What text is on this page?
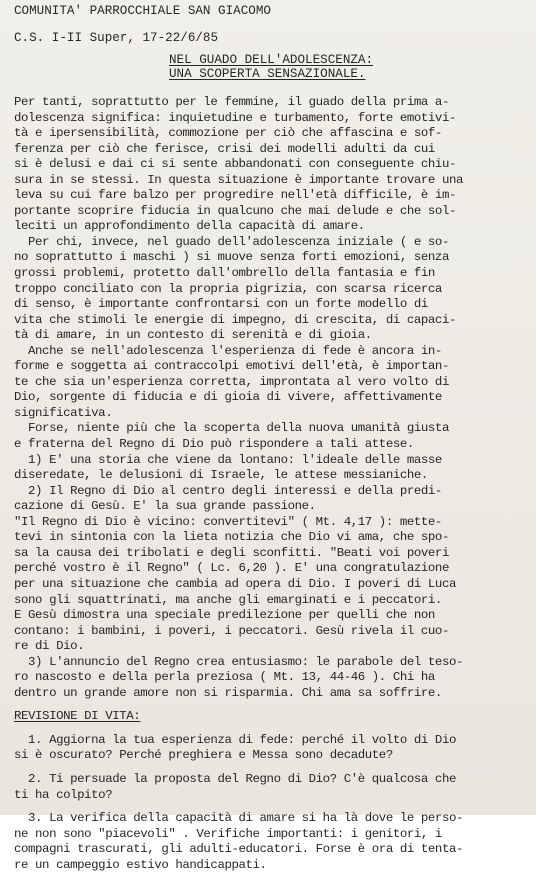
COMUNITA' PARROCCHIALE SAN GIACOMO
C.S. I-II Super, 17-22/6/85
NEL GUADO DELL'ADOLESCENZA:
UNA SCOPERTA SENSAZIONALE.
Per tanti, soprattutto per le femmine, il guado della prima a-
dolescenza significa: inquietudine e turbamento, forte emotivi-
tà e ipersensibilità, commozione per ciò che affascina e sof-
ferenza per ciò che ferisce, crisi dei modelli adulti da cui
si è delusi e dai ci si sente abbandonati con conseguente chiu-
sura in se stessi. In questa situazione è importante trovare una
leva su cui fare balzo per progredire nell'età difficile, è im-
portante scoprire fiducia in qualcuno che mai delude e che sol-
leciti un approfondimento della capacità di amare.
Per chi, invece, nel guado dell'adolescenza iniziale ( e so-
no soprattutto i maschi ) si muove senza forti emozioni, senza
grossi problemi, protetto dall'ombrello della fantasia e fin
troppo conciliato con la propria pigrizia, con scarsa ricerca
di senso, è importante confrontarsi con un forte modello di
vita che stimoli le energie di impegno, di crescita, di capaci-
tà di amare, in un contesto di serenità e di gioia.
Anche se nell'adolescenza l'esperienza di fede è ancora in-
forme e soggetta ai contraccolpi emotivi dell'età, è importan-
te che sia un'esperienza corretta, improntata al vero volto di
Dio, sorgente di fiducia e di gioia di vivere, affettivamente
significativa.
Forse, niente più che la scoperta della nuova umanità giusta
e fraterna del Regno di Dio può rispondere a tali attese.
1) E' una storia che viene da lontano: l'ideale delle masse
diseredate, le delusioni di Israele, le attese messianiche.
2) Il Regno di Dio al centro degli interessi e della predi-
cazione di Gesù. E' la sua grande passione.
"Il Regno di Dio è vicino: convertitevi" ( Mt. 4,17 ): mette-
tevi in sintonia con la lieta notizia che Dio vi ama, che spo-
sa la causa dei tribolati e degli sconfitti. "Beati voi poveri
perché vostro è il Regno" ( Lc. 6,20 ). E' una congratulazione
per una situazione che cambia ad opera di Dio. I poveri di Luca
sono gli squattrinati, ma anche gli emarginati e i peccatori.
E Gesù dimostra una speciale predilezione per quelli che non
contano: i bambini, i poveri, i peccatori. Gesù rivela il cuo-
re di Dio.
3) L'annuncio del Regno crea entusiasmo: le parabole del teso-
ro nascosto e della perla preziosa ( Mt. 13, 44-46 ). Chi ha
dentro un grande amore non si risparmia. Chi ama sa soffrire.
REVISIONE DI VITA:
1. Aggiorna la tua esperienza di fede: perché il volto di Dio
si è oscurato? Perché preghiera e Messa sono decadute?
2. Ti persuade la proposta del Regno di Dio? C'è qualcosa che
ti ha colpito?
3. La verifica della capacità di amare si ha là dove le perso-
ne non sono "piacevoli" . Verifiche importanti: i genitori, i
compagni trascurati, gli adulti-educatori. Forse è ora di tenta-
re un campeggio estivo handicappati.
